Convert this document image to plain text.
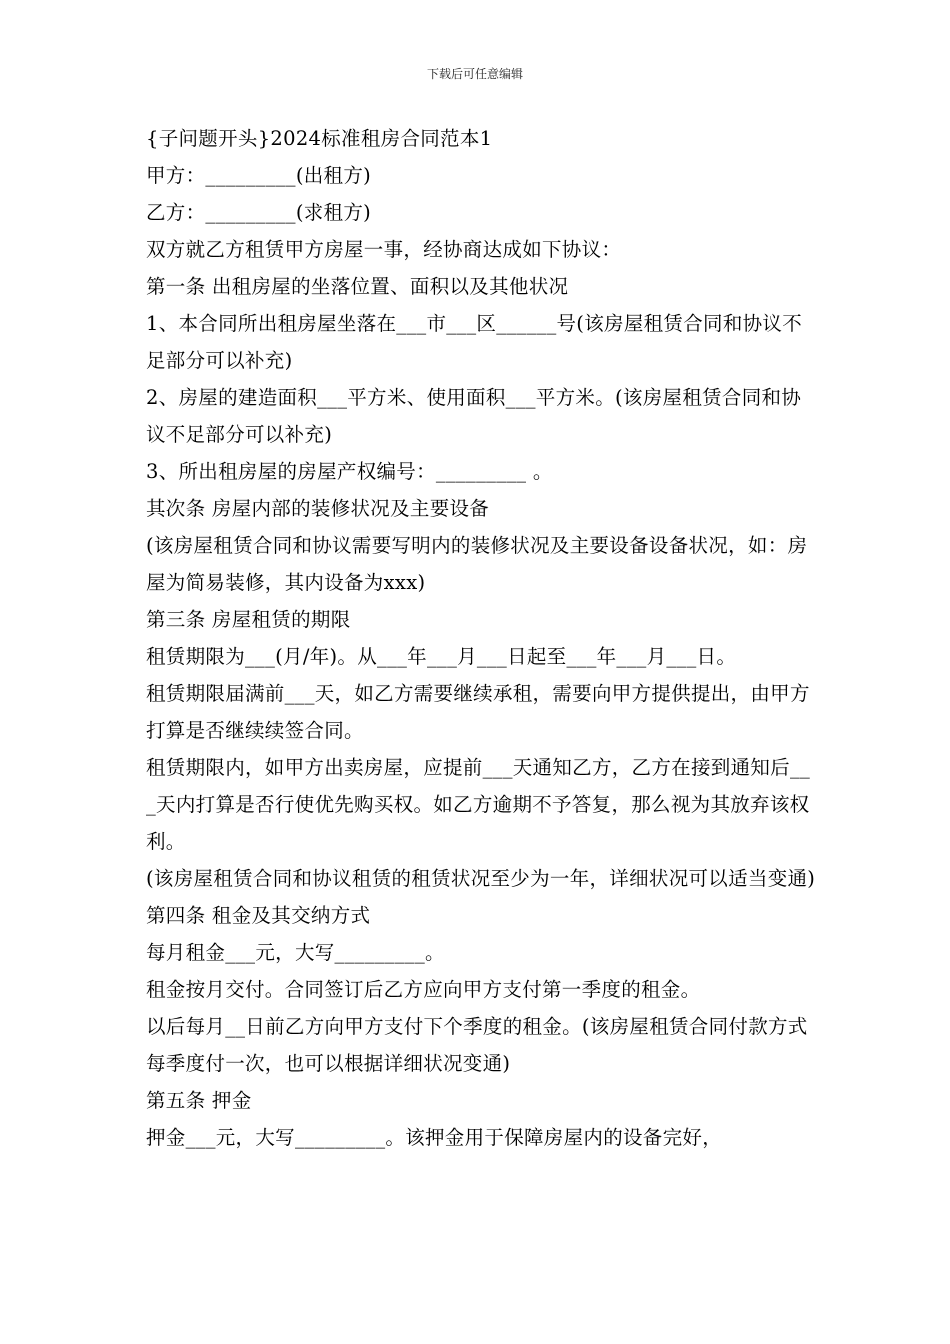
下载后可任意编辑

{子问题开头}2024标准租房合同范本1

甲方：_________(出租方)

乙方：_________(求租方)

双方就乙方租赁甲方房屋一事，经协商达成如下协议：

第一条 出租房屋的坐落位置、面积以及其他状况

1、本合同所出租房屋坐落在___市___区______号(该房屋租赁合同和协议不足部分可以补充)

2、房屋的建造面积___平方米、使用面积___平方米。(该房屋租赁合同和协议不足部分可以补充)

3、所出租房屋的房屋产权编号：_________ 。

其次条 房屋内部的装修状况及主要设备

(该房屋租赁合同和协议需要写明内的装修状况及主要设备设备状况，如：房屋为简易装修，其内设备为xxx)

第三条 房屋租赁的期限

租赁期限为___(月/年)。从___年___月___日起至___年___月___日。

租赁期限届满前___天，如乙方需要继续承租，需要向甲方提供提出，由甲方打算是否继续续签合同。

租赁期限内，如甲方出卖房屋，应提前___天通知乙方，乙方在接到通知后___天内打算是否行使优先购买权。如乙方逾期不予答复，那么视为其放弃该权利。

(该房屋租赁合同和协议租赁的租赁状况至少为一年，详细状况可以适当变通)

第四条 租金及其交纳方式

每月租金___元，大写_________。

租金按月交付。合同签订后乙方应向甲方支付第一季度的租金。

以后每月__日前乙方向甲方支付下个季度的租金。(该房屋租赁合同付款方式每季度付一次，也可以根据详细状况变通)

第五条 押金

押金___元，大写_________。该押金用于保障房屋内的设备完好，
